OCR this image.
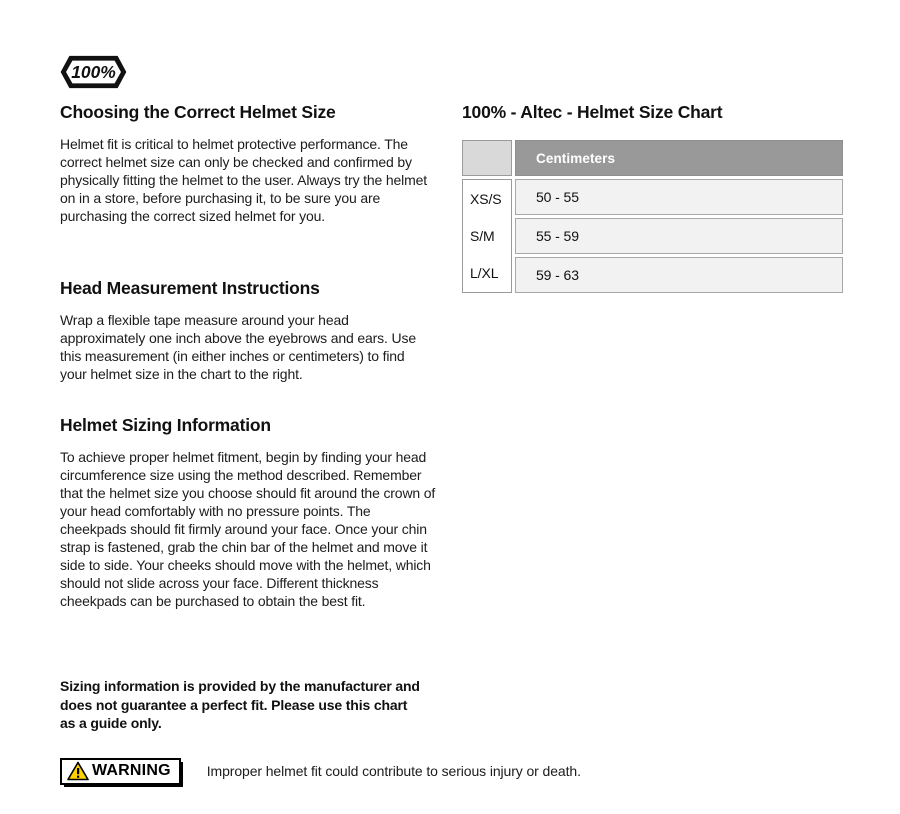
100%
Choosing the Correct Helmet Size

Helmet fit is critical to helmet protective performance. The correct helmet size can only be checked and confirmed by physically fitting the helmet to the user. Always try the helmet on in a store, before purchasing it, to be sure you are purchasing the correct sized helmet for you.

Head Measurement Instructions

Wrap a flexible tape measure around your head approximately one inch above the eyebrows and ears. Use this measurement (in either inches or centimeters) to find your helmet size in the chart to the right.

Helmet Sizing Information

To achieve proper helmet fitment, begin by finding your head circumference size using the method described. Remember that the helmet size you choose should fit around the crown of your head comfortably with no pressure points. The cheekpads should fit firmly around your face. Once your chin strap is fastened, grab the chin bar of the helmet and move it side to side. Your cheeks should move with the helmet, which should not slide across your face. Different thickness cheekpads can be purchased to obtain the best fit.

Sizing information is provided by the manufacturer and does not guarantee a perfect fit. Please use this chart as a guide only.

WARNING	Improper helmet fit could contribute to serious injury or death.
100% - Altec - Helmet Size Chart
Centimeters
XS/S
S/M
L/XL
50 - 55
55 - 59
59 - 63
